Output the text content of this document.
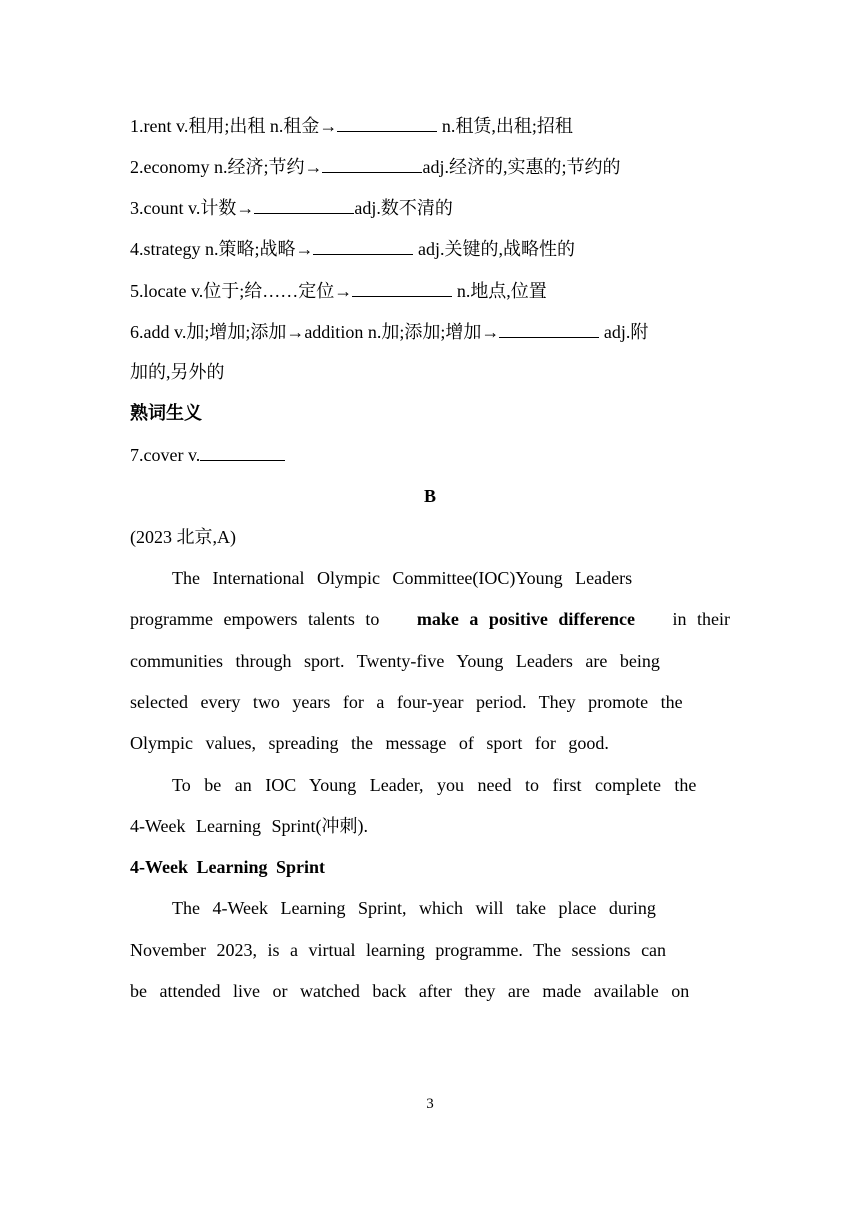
1.rent v.租用;出租 n.租金→	n.租赁,出租;招租
2.economy n.经济;节约→	adj.经济的,实惠的;节约的
3.count v.计数→	adj.数不清的
4.strategy n.策略;战略→	adj.关键的,战略性的
5.locate v.位于;给……定位→	n.地点,位置
6.add v.加;增加;添加→addition n.加;添加;增加→	adj.附
加的,另外的
熟词生义
7.cover v.
B
(2023 北京,A)
The International Olympic Committee(IOC)Young Leaders
programme empowers talents to make a positive difference in their
communities through sport. Twenty-five Young Leaders are being
selected every two years for a four-year period. They promote the
Olympic values, spreading the message of sport for good.
To be an IOC Young Leader, you need to first complete the
4-Week Learning Sprint(冲刺).
4-Week Learning Sprint
The 4-Week Learning Sprint, which will take place during
November 2023, is a virtual learning programme. The sessions can
be attended live or watched back after they are made available on
3
